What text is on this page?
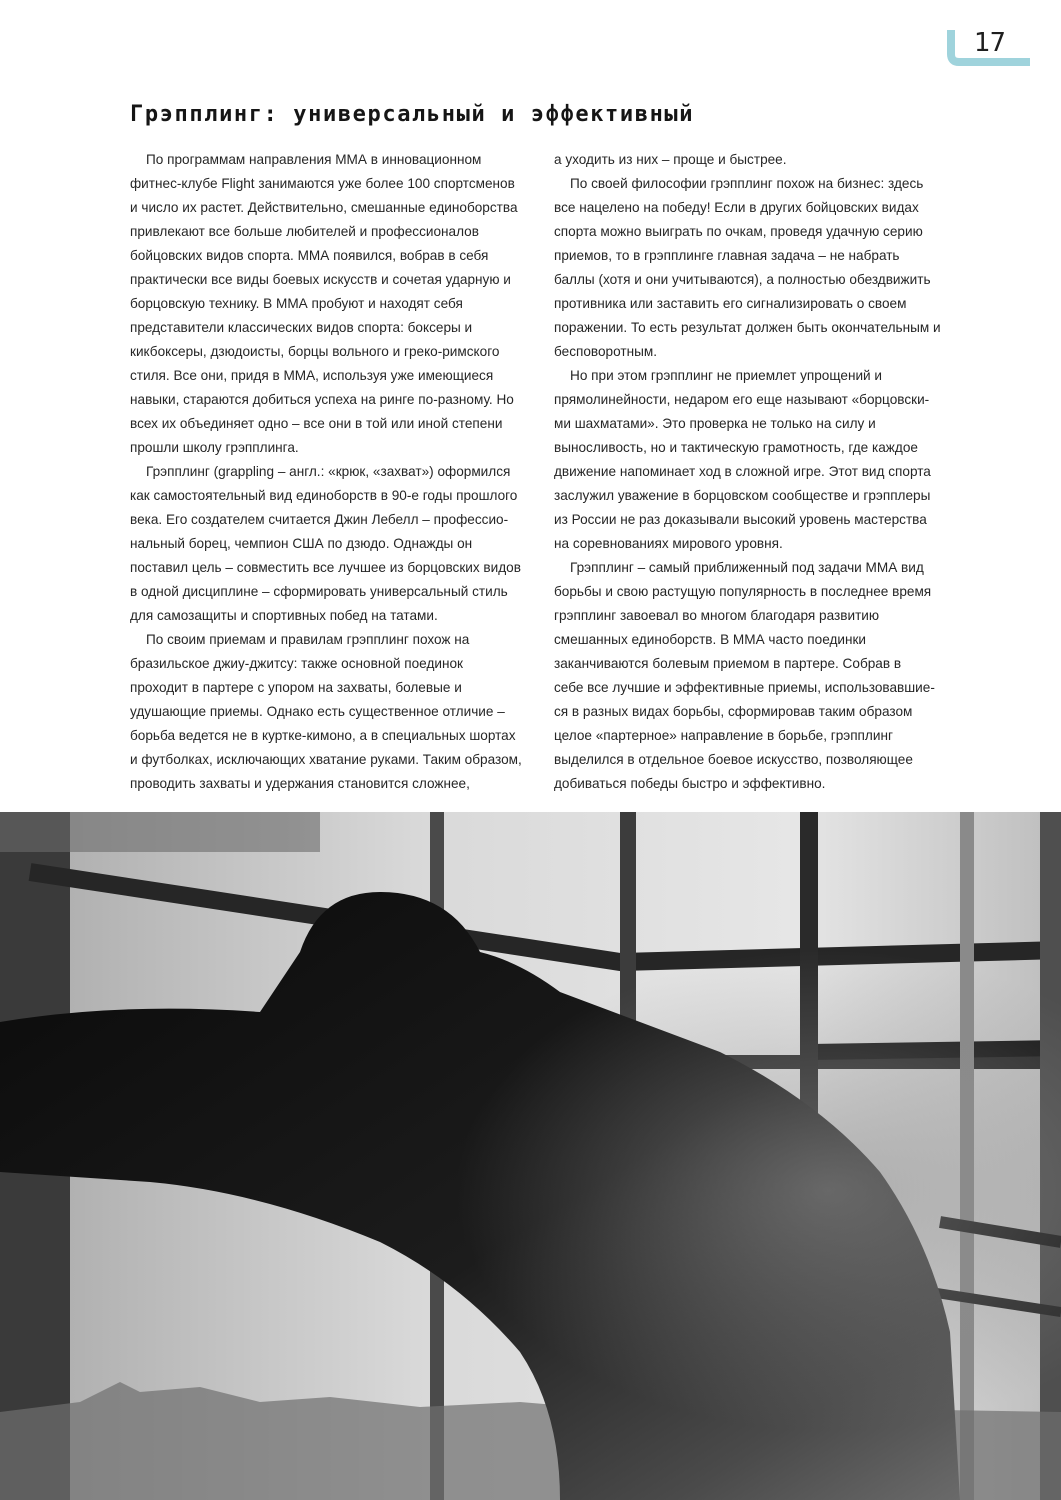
17
Грэпплинг: универсальный и эффективный

По программам направления ММА в инновационном
фитнес-клубе Flight занимаются уже более 100 спортсменов
и число их растет. Действительно, смешанные единоборства
привлекают все больше любителей и профессионалов
бойцовских видов спорта. ММА появился, вобрав в себя
практически все виды боевых искусств и сочетая ударную и
борцовскую технику. В ММА пробуют и находят себя
представители классических видов спорта: боксеры и
кикбоксеры, дзюдоисты, борцы вольного и греко-римского
стиля. Все они, придя в ММА, используя уже имеющиеся
навыки, стараются добиться успеха на ринге по-разному. Но
всех их объединяет одно – все они в той или иной степени
прошли школу грэпплинга.

Грэпплинг (grappling – англ.: «крюк, «захват») оформился
как самостоятельный вид единоборств в 90-е годы прошлого
века. Его создателем считается Джин Лебелл – профессио-
нальный борец, чемпион США по дзюдо. Однажды он
поставил цель – совместить все лучшее из борцовских видов
в одной дисциплине – сформировать универсальный стиль
для самозащиты и спортивных побед на татами.

По своим приемам и правилам грэпплинг похож на
бразильское джиу-джитсу: также основной поединок
проходит в партере с упором на захваты, болевые и
удушающие приемы. Однако есть существенное отличие –
борьба ведется не в куртке-кимоно, а в специальных шортах
и футболках, исключающих хватание руками. Таким образом,
проводить захваты и удержания становится сложнее,

а уходить из них – проще и быстрее.

По своей философии грэпплинг похож на бизнес: здесь
все нацелено на победу! Если в других бойцовских видах
спорта можно выиграть по очкам, проведя удачную серию
приемов, то в грэпплинге главная задача – не набрать
баллы (хотя и они учитываются), а полностью обездвижить
противника или заставить его сигнализировать о своем
поражении. То есть результат должен быть окончательным и
бесповоротным.

Но при этом грэпплинг не приемлет упрощений и
прямолинейности, недаром его еще называют «борцовски-
ми шахматами». Это проверка не только на силу и
выносливость, но и тактическую грамотность, где каждое
движение напоминает ход в сложной игре. Этот вид спорта
заслужил уважение в борцовском сообществе и грэпплеры
из России не раз доказывали высокий уровень мастерства
на соревнованиях мирового уровня.

Грэпплинг – самый приближенный под задачи ММА вид
борьбы и свою растущую популярность в последнее время
грэпплинг завоевал во многом благодаря развитию
смешанных единоборств. В ММА часто поединки
заканчиваются болевым приемом в партере. Собрав в
себе все лучшие и эффективные приемы, использовавшие-
ся в разных видах борьбы, сформировав таким образом
целое «партерное» направление в борьбе, грэпплинг
выделился в отдельное боевое искусство, позволяющее
добиваться победы быстро и эффективно.
